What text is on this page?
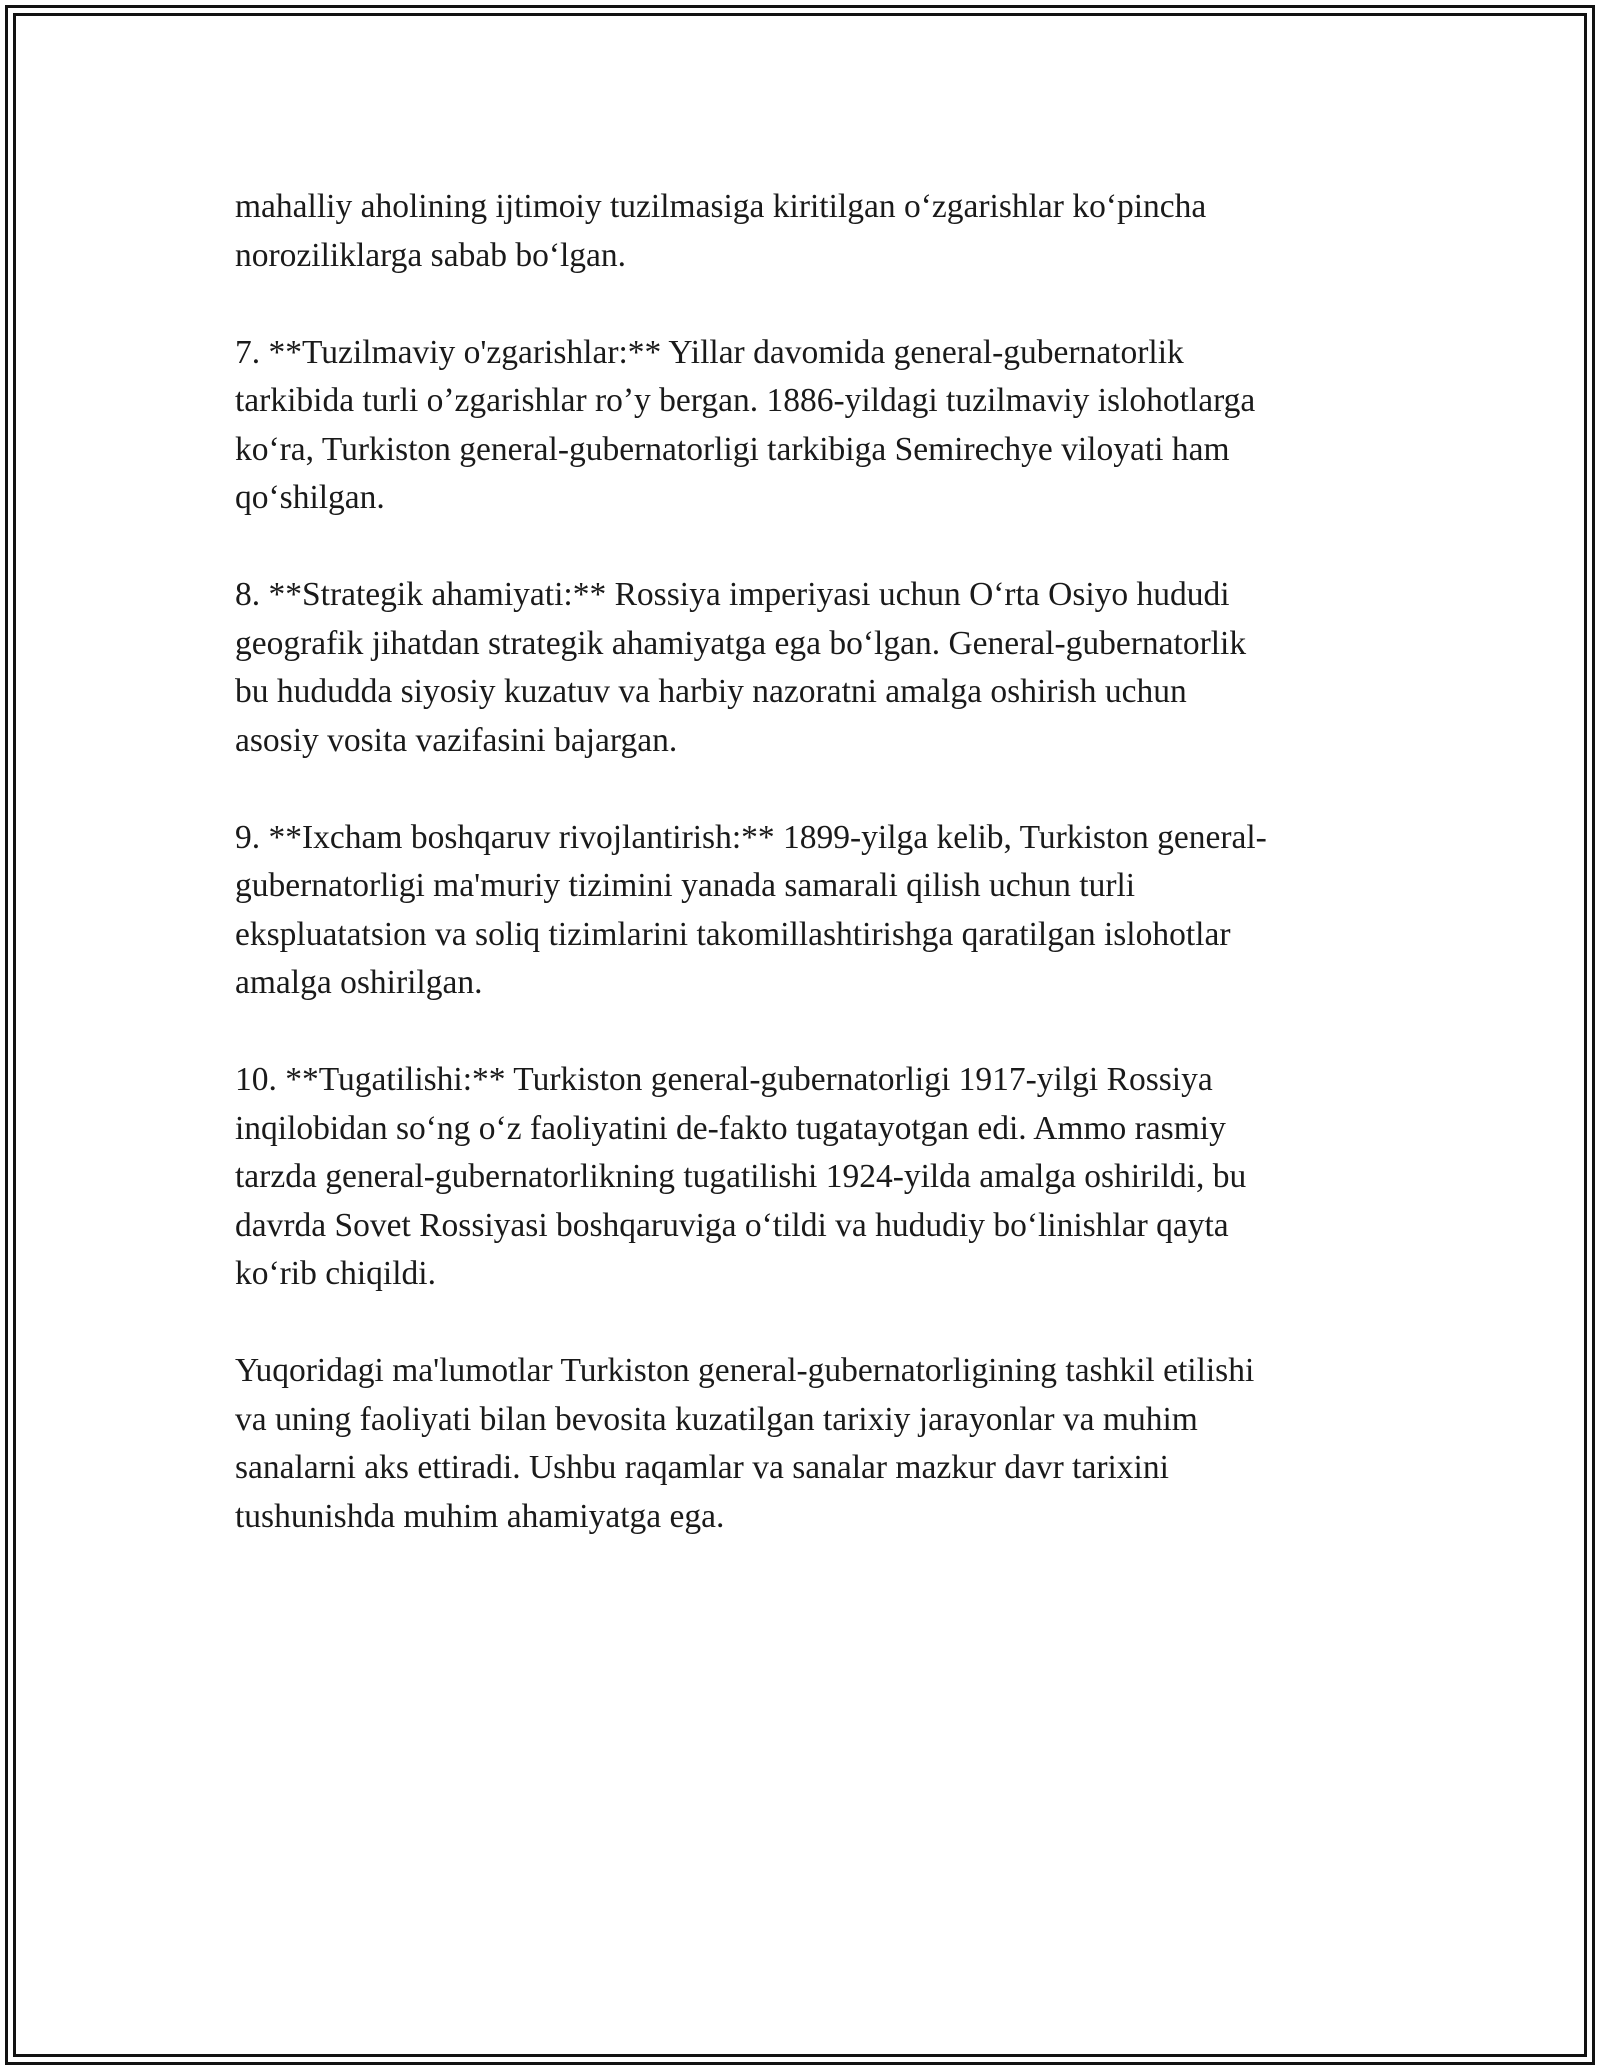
mahalliy aholining ijtimoiy tuzilmasiga kiritilgan oʻzgarishlar koʻpincha
noroziliklarga sabab boʻlgan.

7. **Tuzilmaviy o'zgarishlar:** Yillar davomida general-gubernatorlik
tarkibida turli oʼzgarishlar roʼy bergan. 1886-yildagi tuzilmaviy islohotlarga
koʻra, Turkiston general-gubernatorligi tarkibiga Semirechye viloyati ham
qoʻshilgan.

8. **Strategik ahamiyati:** Rossiya imperiyasi uchun Oʻrta Osiyo hududi
geografik jihatdan strategik ahamiyatga ega boʻlgan. General-gubernatorlik
bu hududda siyosiy kuzatuv va harbiy nazoratni amalga oshirish uchun
asosiy vosita vazifasini bajargan.

9. **Ixcham boshqaruv rivojlantirish:** 1899-yilga kelib, Turkiston general-
gubernatorligi ma'muriy tizimini yanada samarali qilish uchun turli
ekspluatatsion va soliq tizimlarini takomillashtirishga qaratilgan islohotlar
amalga oshirilgan.

10. **Tugatilishi:** Turkiston general-gubernatorligi 1917-yilgi Rossiya
inqilobidan soʻng oʻz faoliyatini de-fakto tugatayotgan edi. Ammo rasmiy
tarzda general-gubernatorlikning tugatilishi 1924-yilda amalga oshirildi, bu
davrda Sovet Rossiyasi boshqaruviga oʻtildi va hududiy boʻlinishlar qayta
koʻrib chiqildi.

Yuqoridagi ma'lumotlar Turkiston general-gubernatorligining tashkil etilishi
va uning faoliyati bilan bevosita kuzatilgan tarixiy jarayonlar va muhim
sanalarni aks ettiradi. Ushbu raqamlar va sanalar mazkur davr tarixini
tushunishda muhim ahamiyatga ega.
